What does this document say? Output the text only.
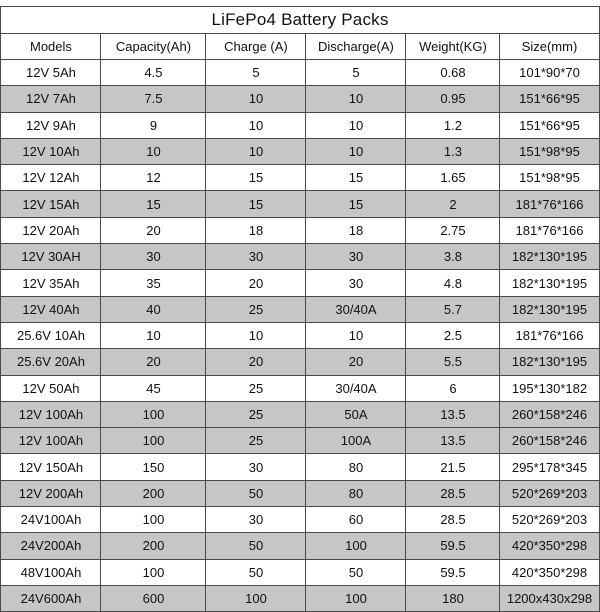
LiFePo4 Battery Packs					
Models	Capacity(Ah)	Charge (A)	Discharge(A)	Weight(KG)	Size(mm)
12V 5Ah	4.5	5	5	0.68	101*90*70
12V 7Ah	7.5	10	10	0.95	151*66*95
12V 9Ah	9	10	10	1.2	151*66*95
12V 10Ah	10	10	10	1.3	151*98*95
12V 12Ah	12	15	15	1.65	151*98*95
12V 15Ah	15	15	15	2	181*76*166
12V 20Ah	20	18	18	2.75	181*76*166
12V 30AH	30	30	30	3.8	182*130*195
12V 35Ah	35	20	30	4.8	182*130*195
12V 40Ah	40	25	30/40A	5.7	182*130*195
25.6V 10Ah	10	10	10	2.5	181*76*166
25.6V 20Ah	20	20	20	5.5	182*130*195
12V 50Ah	45	25	30/40A	6	195*130*182
12V 100Ah	100	25	50A	13.5	260*158*246
12V 100Ah	100	25	100A	13.5	260*158*246
12V 150Ah	150	30	80	21.5	295*178*345
12V 200Ah	200	50	80	28.5	520*269*203
24V100Ah	100	30	60	28.5	520*269*203
24V200Ah	200	50	100	59.5	420*350*298
48V100Ah	100	50	50	59.5	420*350*298
24V600Ah	600	100	100	180	1200x430x298
